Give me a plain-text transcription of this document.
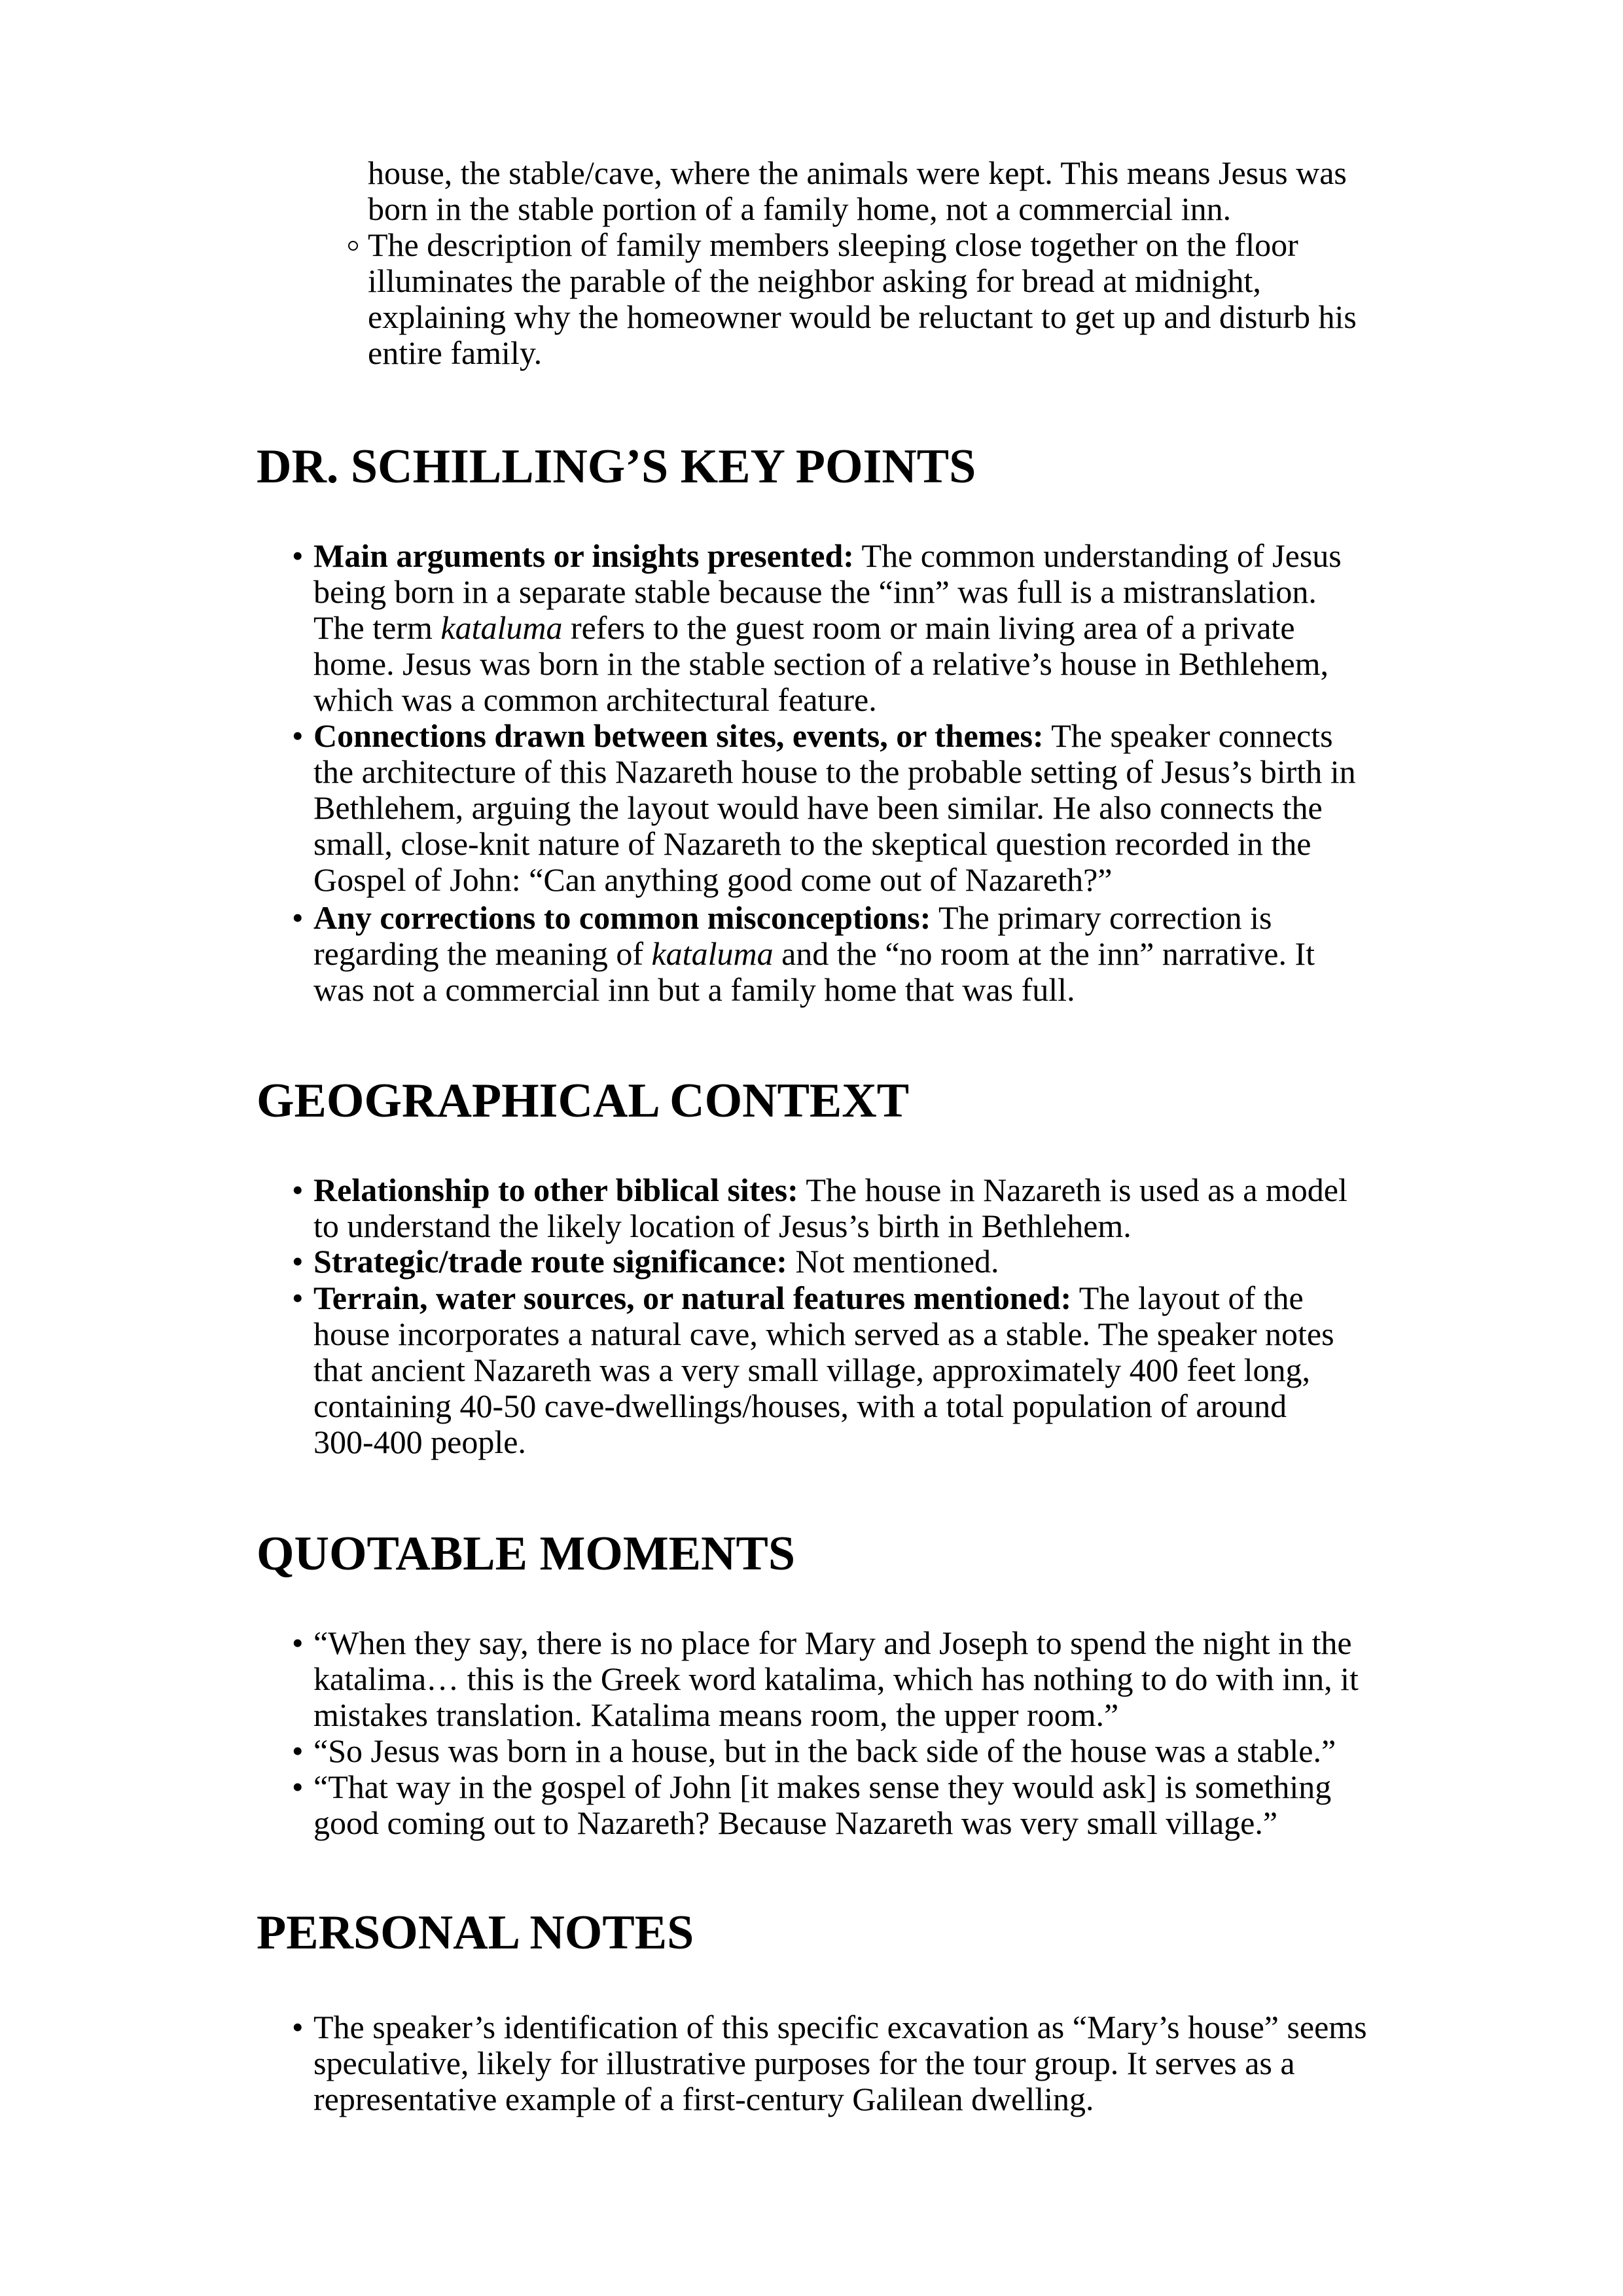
house, the stable/cave, where the animals were kept. This means Jesus was
born in the stable portion of a family home, not a commercial inn.
The description of family members sleeping close together on the floor
illuminates the parable of the neighbor asking for bread at midnight,
explaining why the homeowner would be reluctant to get up and disturb his
entire family.
DR. SCHILLING’S KEY POINTS
• Main arguments or insights presented: The common understanding of Jesus
being born in a separate stable because the “inn” was full is a mistranslation.
The term kataluma refers to the guest room or main living area of a private
home. Jesus was born in the stable section of a relative’s house in Bethlehem,
which was a common architectural feature.
• Connections drawn between sites, events, or themes: The speaker connects
the architecture of this Nazareth house to the probable setting of Jesus’s birth in
Bethlehem, arguing the layout would have been similar. He also connects the
small, close-knit nature of Nazareth to the skeptical question recorded in the
Gospel of John: “Can anything good come out of Nazareth?”
• Any corrections to common misconceptions: The primary correction is
regarding the meaning of kataluma and the “no room at the inn” narrative. It
was not a commercial inn but a family home that was full.
GEOGRAPHICAL CONTEXT
• Relationship to other biblical sites: The house in Nazareth is used as a model
to understand the likely location of Jesus’s birth in Bethlehem.
• Strategic/trade route significance: Not mentioned.
• Terrain, water sources, or natural features mentioned: The layout of the
house incorporates a natural cave, which served as a stable. The speaker notes
that ancient Nazareth was a very small village, approximately 400 feet long,
containing 40-50 cave-dwellings/houses, with a total population of around
300-400 people.
QUOTABLE MOMENTS
• “When they say, there is no place for Mary and Joseph to spend the night in the
katalima… this is the Greek word katalima, which has nothing to do with inn, it
mistakes translation. Katalima means room, the upper room.”
• “So Jesus was born in a house, but in the back side of the house was a stable.”
• “That way in the gospel of John [it makes sense they would ask] is something
good coming out to Nazareth? Because Nazareth was very small village.”
PERSONAL NOTES
• The speaker’s identification of this specific excavation as “Mary’s house” seems
speculative, likely for illustrative purposes for the tour group. It serves as a
representative example of a first-century Galilean dwelling.
